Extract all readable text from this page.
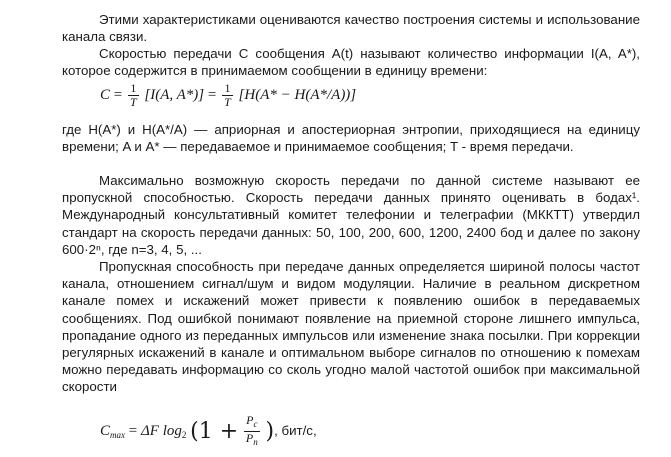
Этими характеристиками оцениваются качество построения системы и использование канала связи.

Скоростью передачи C сообщения A(t) называют количество информации I(A, A*), которое содержится в принимаемом сообщении в единицу времени:

$C = \frac{1}{T} [I(A$, $A*)] = \frac{1}{T} [H(A* - H(A*/A))]$

где H(A*) и H(A*/A) — априорная и апостериорная энтропии, приходящиеся на единицу времени; A и A* — передаваемое и принимаемое сообщения; T - время передачи.

Максимально возможную скорость передачи по данной системе называют ее пропускной способностью. Скорость передачи данных принято оценивать в бодах¹. Международный консультативный комитет телефонии и телеграфии (МККТТ) утвердил стандарт на скорость передачи данных: 50, 100, 200, 600, 1200, 2400 бод и далее по закону 600·2ⁿ, где n=3, 4, 5, ...

Пропускная способность при передаче данных определяется шириной полосы частот канала, отношением сигнал/шум и видом модуляции. Наличие в реальном дискретном канале помех и искажений может привести к появлению ошибок в передаваемых сообщениях. Под ошибкой понимают появление на приемной стороне лишнего импульса, пропадание одного из переданных импульсов или изменение знака посылки. При коррекции регулярных искажений в канале и оптимальном выборе сигналов по отношению к помехам можно передавать информацию со сколь угодно малой частотой ошибок при максимальной скорости

$C_{max} = \Delta F$ $\log_2 (1 + \frac{P_c}{P_п}$ ), бит/с,
